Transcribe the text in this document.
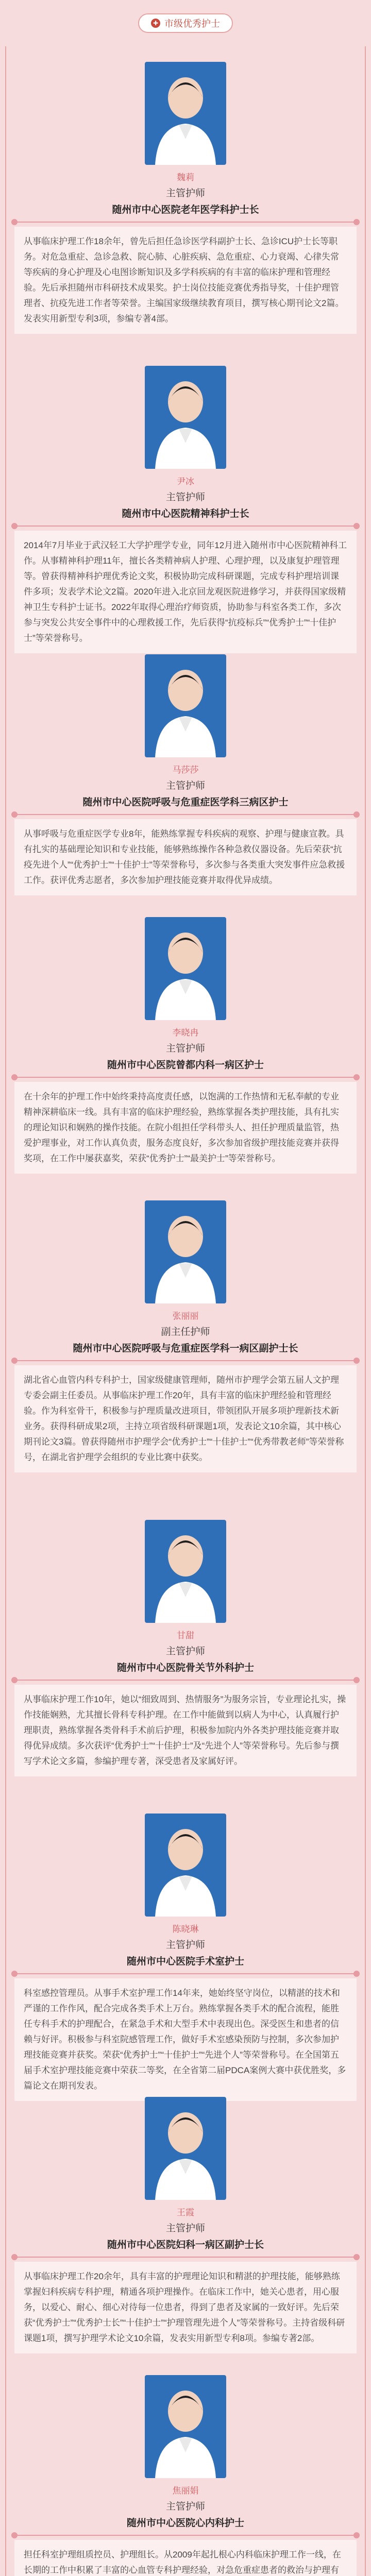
✚ 市级优秀护士
魏莉
主管护师
随州市中心医院老年医学科护士长
从事临床护理工作18余年，曾先后担任急诊医学科副护士长、急诊ICU护士长等职务。对危急重症、急诊急救、院心肺、心脏疾病、急危重症、心力衰竭、心律失常等疾病的身心护理及心电图诊断知识及多学科疾病的有丰富的临床护理和管理经验。先后承担随州市科研技术成果奖。护士岗位技能竞赛优秀指导奖，十佳护理管理者、抗疫先进工作者等荣誉。主编国家级继续教育项目，撰写核心期刊论文2篇。发表实用新型专利3项，参编专著4部。
尹冰
主管护师
随州市中心医院精神科护士长
2014年7月毕业于武汉轻工大学护理学专业，同年12月进入随州市中心医院精神科工作。从事精神科护理11年，擅长各类精神病人护理、心理护理，以及康复护理管理等。曾获得精神科护理优秀论文奖，积极协助完成科研课题，完成专科护理培训课件多项；发表学术论文2篇。2020年进入北京回龙观医院进修学习，并获得国家级精神卫生专科护士证书。2022年取得心理治疗师资质，协助参与科室各类工作，多次参与突发公共安全事件中的心理救援工作，先后获得“抗疫标兵”“优秀护士”“十佳护士”等荣誉称号。
马莎莎
主管护师
随州市中心医院呼吸与危重症医学科三病区护士
从事呼吸与危重症医学专业8年，能熟练掌握专科疾病的观察、护理与健康宣教。具有扎实的基础理论知识和专业技能，能够熟练操作各种急救仪器设备。先后荣获“抗疫先进个人”“优秀护士”“十佳护士”等荣誉称号，多次参与各类重大突发事件应急救援工作。获评优秀志愿者，多次参加护理技能竞赛并取得优异成绩。
李晓冉
主管护师
随州市中心医院曾都内科一病区护士
在十余年的护理工作中始终秉持高度责任感，以饱满的工作热情和无私奉献的专业精神深耕临床一线。具有丰富的临床护理经验，熟练掌握各类护理技能，具有扎实的理论知识和娴熟的操作技能。在院小组担任学科带头人、担任护理质量监管，热爱护理事业，对工作认真负责，服务态度良好，多次参加省级护理技能竞赛并获得奖项，在工作中屡获嘉奖，荣获“优秀护士”“最美护士”等荣誉称号。
张丽丽
副主任护师
随州市中心医院呼吸与危重症医学科一病区副护士长
湖北省心血管内科专科护士，国家级健康管理师，随州市护理学会第五届人文护理专委会副主任委员。从事临床护理工作20年，具有丰富的临床护理经验和管理经验。作为科室骨干，积极参与护理质量改进项目，带领团队开展多项护理新技术新业务。获得科研成果2项，主持立项省级科研课题1项，发表论文10余篇，其中核心期刊论文3篇。曾获得随州市护理学会“优秀护士”“十佳护士”“优秀带教老师”等荣誉称号，在湖北省护理学会组织的专业比赛中获奖。
甘甜
主管护师
随州市中心医院骨关节外科护士
从事临床护理工作10年，她以“细致周到、热情服务”为服务宗旨，专业理论扎实，操作技能娴熟，尤其擅长骨科专科护理。在工作中能做到以病人为中心，认真履行护理职责，熟练掌握各类骨科手术前后护理，积极参加院内外各类护理技能竞赛并取得优异成绩。多次获评“优秀护士”“十佳护士”及“先进个人”等荣誉称号。先后参与撰写学术论文多篇，参编护理专著，深受患者及家属好评。
陈晓琳
主管护师
随州市中心医院手术室护士
科室感控管理员。从事手术室护理工作14年来，她始终坚守岗位，以精湛的技术和严谨的工作作风，配合完成各类手术上万台。熟练掌握各类手术的配合流程，能胜任专科手术的护理配合，在紧急手术和大型手术中表现出色。深受医生和患者的信赖与好评。积极参与科室院感管理工作，做好手术室感染预防与控制，多次参加护理技能竞赛并获奖。荣获“优秀护士”“十佳护士”“先进个人”等荣誉称号。在全国第五届手术室护理技能竞赛中荣获二等奖，在全省第二届PDCA案例大赛中获优胜奖，多篇论文在期刊发表。
王霞
主管护师
随州市中心医院妇科一病区副护士长
从事临床护理工作20余年，具有丰富的护理理论知识和精湛的护理技能，能够熟练掌握妇科疾病专科护理，精通各项护理操作。在临床工作中，她关心患者，用心服务，以爱心、耐心、细心对待每一位患者，得到了患者及家属的一致好评。先后荣获“优秀护士”“优秀护士长”“十佳护士”“护理管理先进个人”等荣誉称号。主持省级科研课题1项，撰写护理学术论文10余篇，发表实用新型专利8项。参编专著2部。
焦丽娟
主管护师
随州市中心医院心内科护士
担任科室护理组质控员、护理组长。从2009年起扎根心内科临床护理工作一线，在长期的工作中积累了丰富的心血管专科护理经验，对急危重症患者的救治与护理有
